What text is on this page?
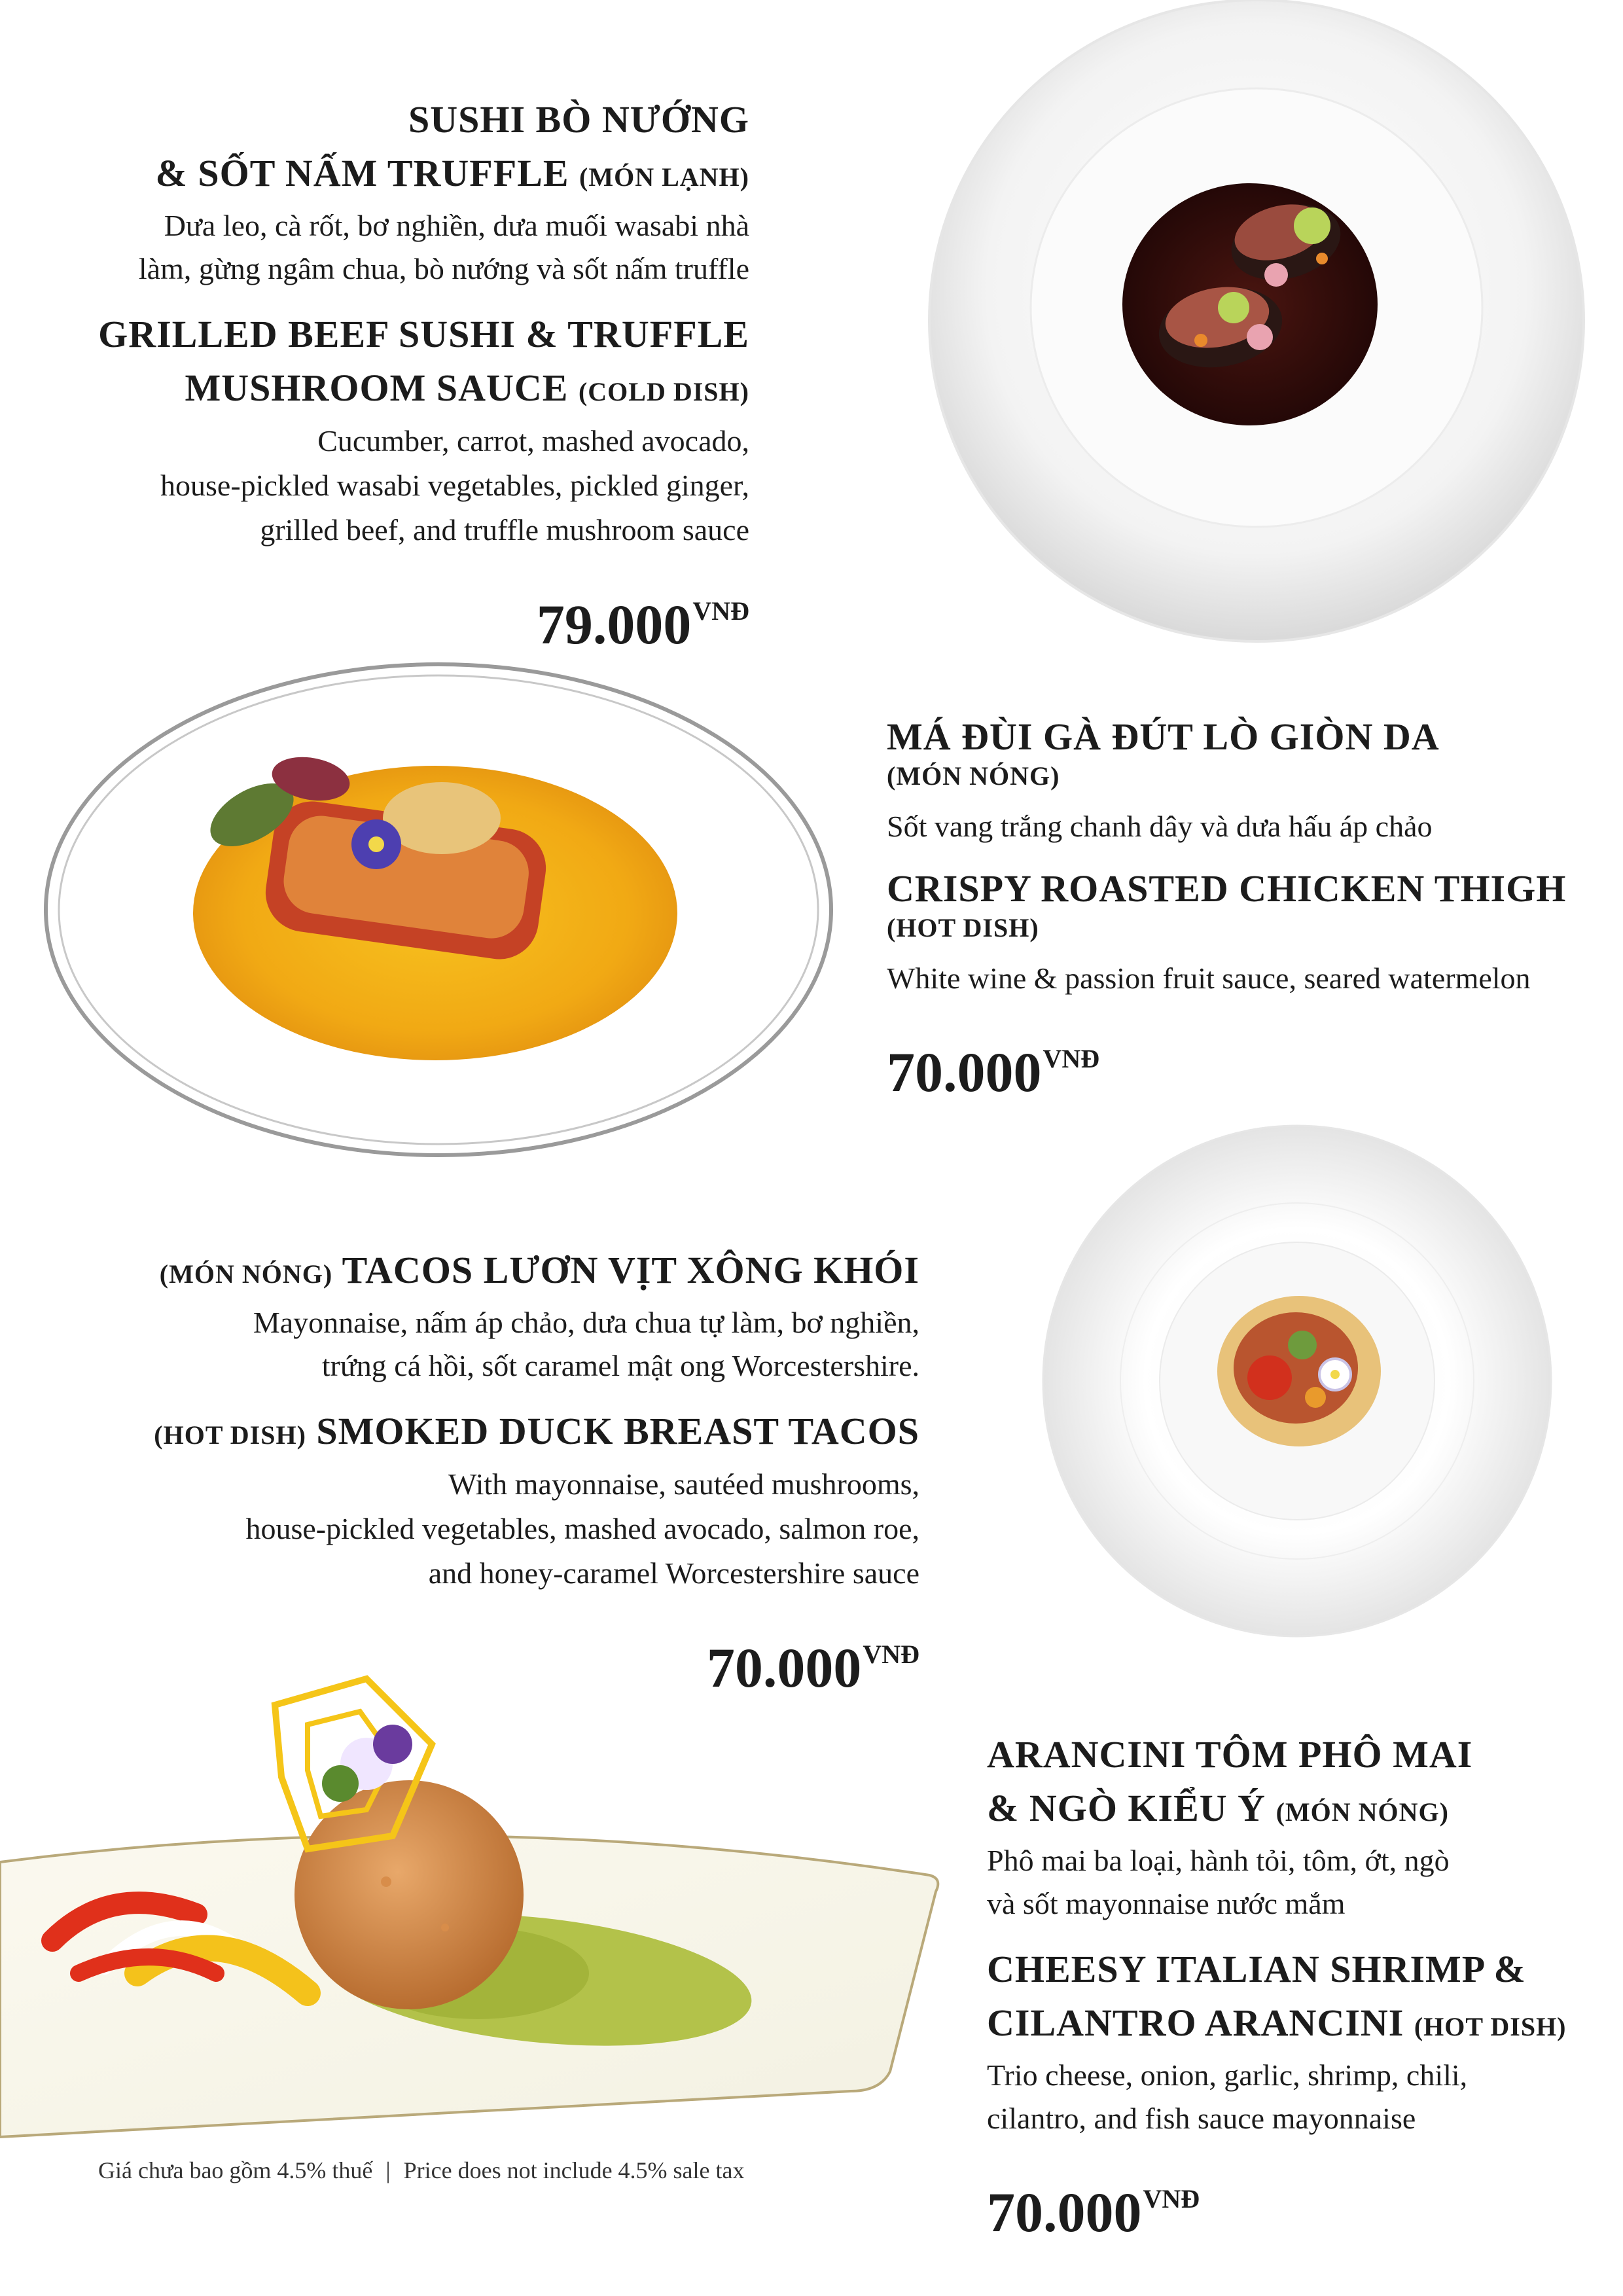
SUSHI BÒ NƯỚNG
& SỐT NẤM TRUFFLE (MÓN LẠNH)

Dưa leo, cà rốt, bơ nghiền, dưa muối wasabi nhà
làm, gừng ngâm chua, bò nướng và sốt nấm truffle

GRILLED BEEF SUSHI & TRUFFLE
MUSHROOM SAUCE (COLD DISH)

Cucumber, carrot, mashed avocado,
house-pickled wasabi vegetables, pickled ginger,
grilled beef, and truffle mushroom sauce

$79.000^{VNĐ}$

MÁ ĐÙI GÀ ĐÚT LÒ GIÒN DA

(MÓN NÓNG)

Sốt vang trắng chanh dây và dưa hấu áp chảo

CRISPY ROASTED CHICKEN THIGH

(HOT DISH)

White wine & passion fruit sauce, seared watermelon

$70.000^{VNĐ}$

(MÓN NÓNG) TACOS LƯƠN VỊT XÔNG KHÓI

Mayonnaise, nấm áp chảo, dưa chua tự làm, bơ nghiền,
trứng cá hồi, sốt caramel mật ong Worcestershire.

(HOT DISH) SMOKED DUCK BREAST TACOS

With mayonnaise, sautéed mushrooms,
house-pickled vegetables, mashed avocado, salmon roe,
and honey-caramel Worcestershire sauce

$70.000^{VNĐ}$

ARANCINI TÔM PHÔ MAI
& NGÒ KIỂU Ý (MÓN NÓNG)

Phô mai ba loại, hành tỏi, tôm, ớt, ngò
và sốt mayonnaise nước mắm

CHEESY ITALIAN SHRIMP &
CILANTRO ARANCINI (HOT DISH)

Trio cheese, onion, garlic, shrimp, chili,
cilantro, and fish sauce mayonnaise

$70.000^{VNĐ}$

Giá chưa bao gồm 4.5% thuế | Price does not include 4.5% sale tax
